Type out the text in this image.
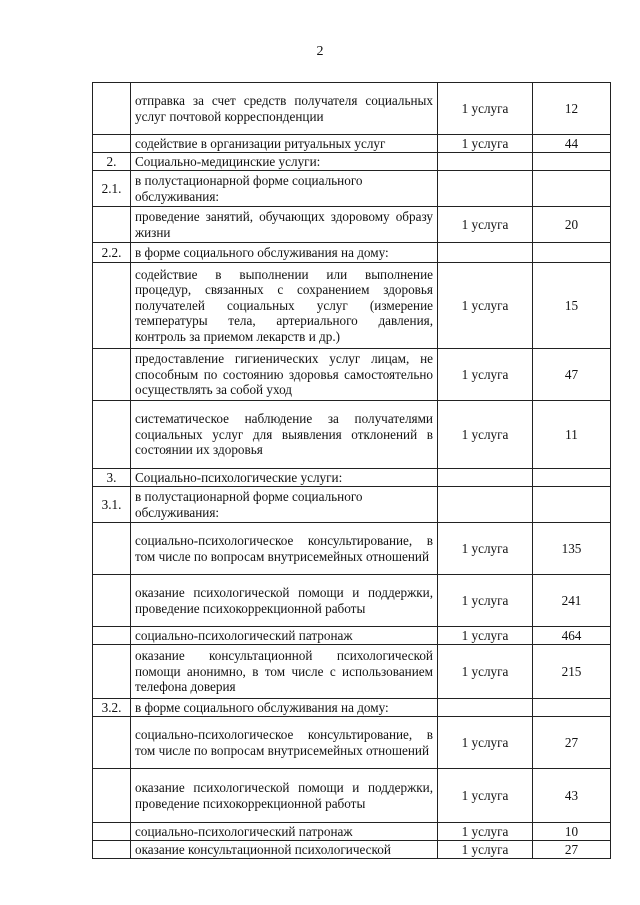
2
	отправка за счет средств получателя социальных услуг почтовой корреспонденции	1 услуга	12
	содействие в организации ритуальных услуг	1 услуга	44
2.	Социально-медицинские услуги:		
2.1.	в полустационарной форме социального обслуживания:		
	проведение занятий, обучающих здоровому образу жизни	1 услуга	20
2.2.	в форме социального обслуживания на дому:		
	содействие в выполнении или выполнение процедур, связанных с сохранением здоровья получателей социальных услуг (измерение температуры тела, артериального давления, контроль за приемом лекарств и др.)	1 услуга	15
	предоставление гигиенических услуг лицам, не способным по состоянию здоровья самостоятельно осуществлять за собой уход	1 услуга	47
	систематическое наблюдение за получателями социальных услуг для выявления отклонений в состоянии их здоровья	1 услуга	11
3.	Социально-психологические услуги:		
3.1.	в полустационарной форме социального обслуживания:		
	социально-психологическое консультирование, в том числе по вопросам внутрисемейных отношений	1 услуга	135
	оказание психологической помощи и поддержки, проведение психокоррекционной работы	1 услуга	241
	социально-психологический патронаж	1 услуга	464
	оказание консультационной психологической помощи анонимно, в том числе с использованием телефона доверия	1 услуга	215
3.2.	в форме социального обслуживания на дому:		
	социально-психологическое консультирование, в том числе по вопросам внутрисемейных отношений	1 услуга	27
	оказание психологической помощи и поддержки, проведение психокоррекционной работы	1 услуга	43
	социально-психологический патронаж	1 услуга	10
	оказание консультационной психологической	1 услуга	27
